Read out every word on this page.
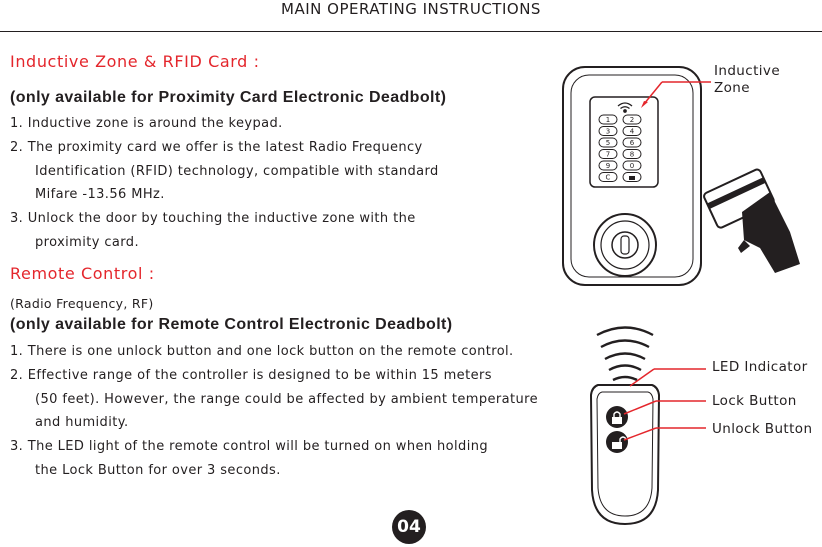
MAIN OPERATING INSTRUCTIONS
Inductive Zone & RFID Card :
(only available for Proximity Card Electronic Deadbolt)
1. Inductive zone is around the keypad.
2. The proximity card we offer is the latest Radio Frequency
Identification (RFID) technology, compatible with standard
Mifare -13.56 MHz.
3. Unlock the door by touching the inductive zone with the
proximity card.
Remote Control :
(Radio Frequency, RF)
(only available for Remote Control Electronic Deadbolt)
1. There is one unlock button and one lock button on the remote control.
2. Effective range of the controller is designed to be within 15 meters
(50 feet). However, the range could be affected by ambient temperature
and humidity.
3. The LED light of the remote control will be turned on when holding
the Lock Button for over 3 seconds.
Inductive
Zone
LED Indicator
Lock Button
Unlock Button
1	2
3	4
5	6
7	8
9	0
C
04
